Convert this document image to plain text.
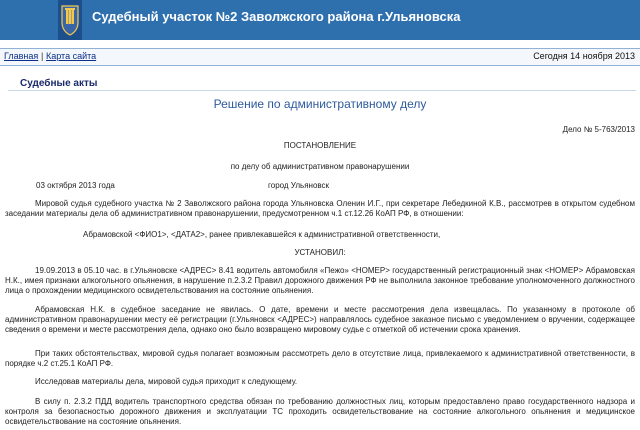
Судебный участок №2 Заволжского района г.Ульяновска
Главная | Карта сайта	Сегодня 14 ноября 2013
Судебные акты
Решение по административному делу
Дело № 5-763/2013
ПОСТАНОВЛЕНИЕ
по делу об административном правонарушении
03 октября 2013 года	город Ульяновск
Мировой судья судебного участка № 2 Заволжского района города Ульяновска Оленин И.Г., при секретаре Лебедкиной К.В., рассмотрев в открытом судебном заседании материалы дела об административном правонарушении, предусмотренном ч.1 ст.12.26 КоАП РФ, в отношении:
Абрамовской <ФИО1>, <ДАТА2>, ранее привлекавшейся к административной ответственности,
УСТАНОВИЛ:
19.09.2013 в 05.10 час. в г.Ульяновске <АДРЕС> 8.41 водитель автомобиля «Пежо» <НОМЕР> государственный регистрационный знак <НОМЕР> Абрамовская Н.К., имея признаки алкогольного опьянения, в нарушение п.2.3.2 Правил дорожного движения РФ не выполнила законное требование уполномоченного должностного лица о прохождении медицинского освидетельствования на состояние опьянения.
Абрамовская Н.К. в судебное заседание не явилась. О дате, времени и месте рассмотрения дела извещалась. По указанному в протоколе об административном правонарушении месту её регистрации (г.Ульяновск <АДРЕС>) направлялось судебное заказное письмо с уведомлением о вручении, содержащее сведения о времени и месте рассмотрения дела, однако оно было возвращено мировому судье с отметкой об истечении срока хранения.
При таких обстоятельствах, мировой судья полагает возможным рассмотреть дело в отсутствие лица, привлекаемого к административной ответственности, в порядке ч.2 ст.25.1 КоАП РФ.
Исследовав материалы дела, мировой судья приходит к следующему.
В силу п. 2.3.2 ПДД водитель транспортного средства обязан по требованию должностных лиц, которым предоставлено право государственного надзора и контроля за безопасностью дорожного движения и эксплуатации ТС проходить освидетельствование на состояние алкогольного опьянения и медицинское освидетельствование на состояние опьянения.
